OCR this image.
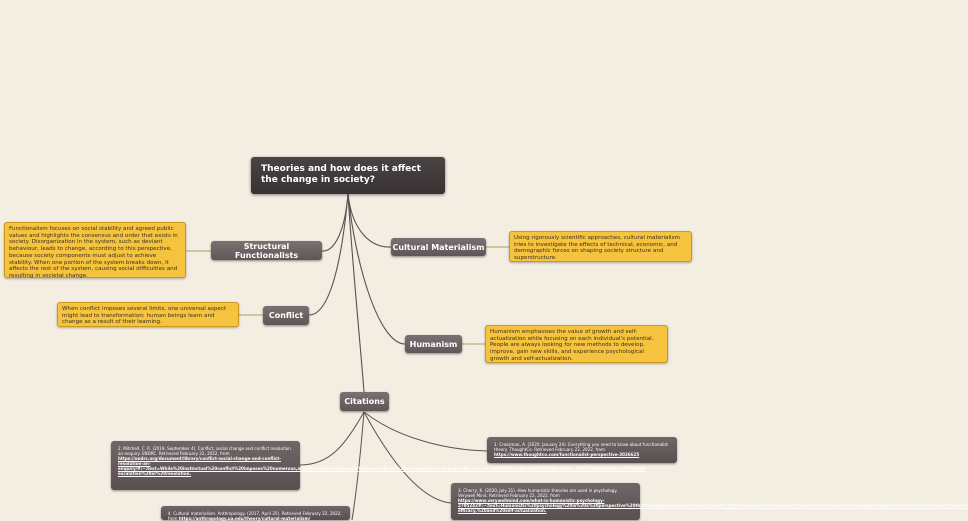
Theories and how does it affect the change in society?
Structural Functionalists
Functionalism focuses on social stability and agreed public values and highlights the consensus and order that exists in society. Disorganization in the system, such as deviant behaviour, leads to change, according to this perspective, because society components must adjust to achieve stability. When one portion of the system breaks down, it affects the rest of the system, causing social difficulties and resulting in societal change.
Conflict
When conflict imposes several limits, one universal aspect might lead to transformation: human beings learn and change as a result of their learning.
Cultural Materialism
Using rigorously scientific approaches, cultural materialism tries to investigate the effects of technical, economic, and demographic forces on shaping society structure and superstructure.
Humanism
Humanism emphasises the value of growth and self-actualization while focusing on each individual's potential. People are always looking for new methods to develop, improve, gain new skills, and experience psychological growth and self-actualization.
Citations
1. Crossman, A. (2020, January 24). Everything you need to know about functionalist theory. ThoughtCo. Retrieved February 22, 2022, from https://www.thoughtco.com/functionalist-perspective-3026625
2. Mitchell, C. R. (2019, September 4). Conflict, social change and conflict resolution. an enquiry. ENDRC. Retrieved February 22, 2022, from https://ondrc.org/document/library/conflict-social-change-and-conflict-resolution-an-enquiry/#:~:text=While%20instinctual%20conflict%20imposes%20numerous,as%20it%20is%20through%20learning%2C%20changes&text=Change%20can%20relate%20to%20conflict%20formation,%2C%20escalation%2C%20de-escalation%20or%20resolution.
3. Cherry, K. (2020, July 21). How humanistic theories are used in psychology. Verywell Mind. Retrieved February 22, 2022, from https://www.verywellmind.com/what-is-humanistic-psychology-2795242#:~:text=Humanistic%20psychology%20is%20a%20perspective%20that%20emphasizes%20looking%20at%20the%20whole%20individual%20and%20stresses%20concepts%20such%20as%20free%20will,%20self-efficacy,%20and%20self-actualization.
4. Cultural materialism. Anthropology. (2017, April 25). Retrieved February 22, 2022, from https://anthropology.ua.edu/theory/cultural-materialism/
